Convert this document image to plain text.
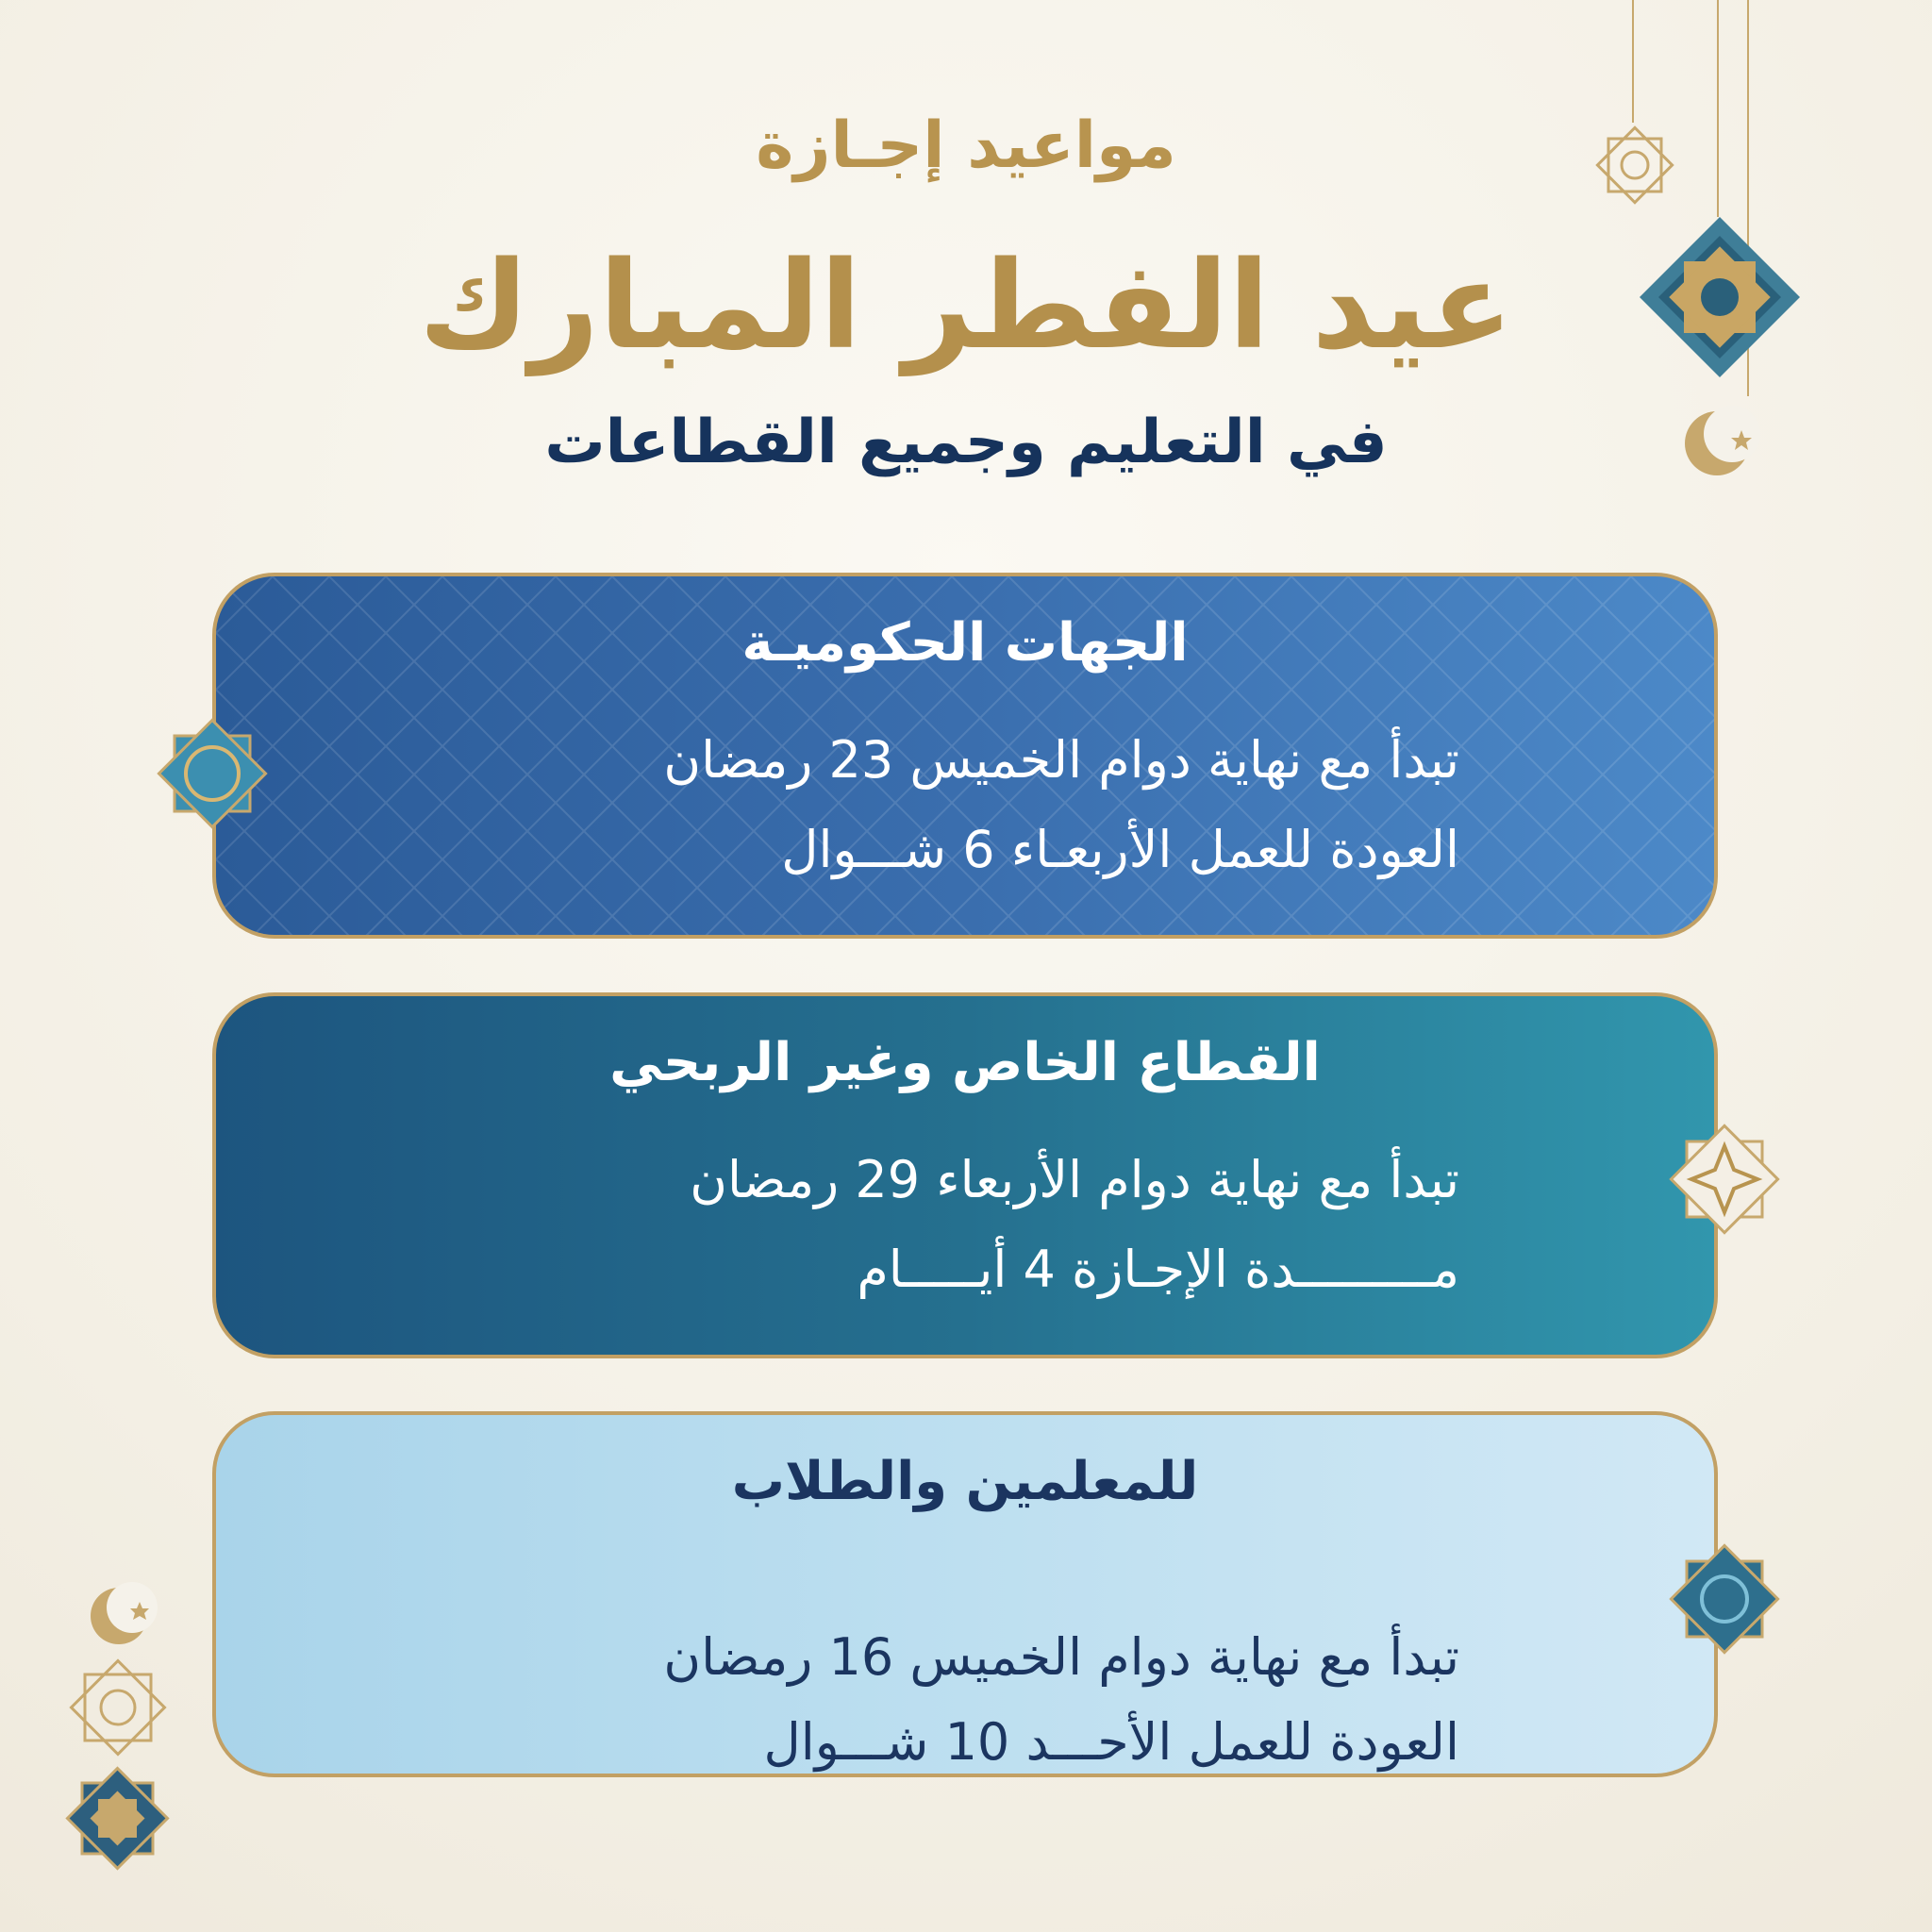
مواعيد إجـازة
عيد الفطر المبارك
في التعليم وجميع القطاعات
الجهات الحكوميـة
تبدأ مع نهاية دوام الخميس 23 رمضان
العودة للعمل الأربعـاء 6 شـــوال
القطاع الخاص وغير الربحي
تبدأ مع نهاية دوام الأربعاء 29 رمضان
مـــــــــدة الإجـازة 4 أيـــــام
للمعلمين والطلاب
تبدأ مع نهاية دوام الخميس 16 رمضان
العودة للعمل الأحـــد 10 شـــوال
